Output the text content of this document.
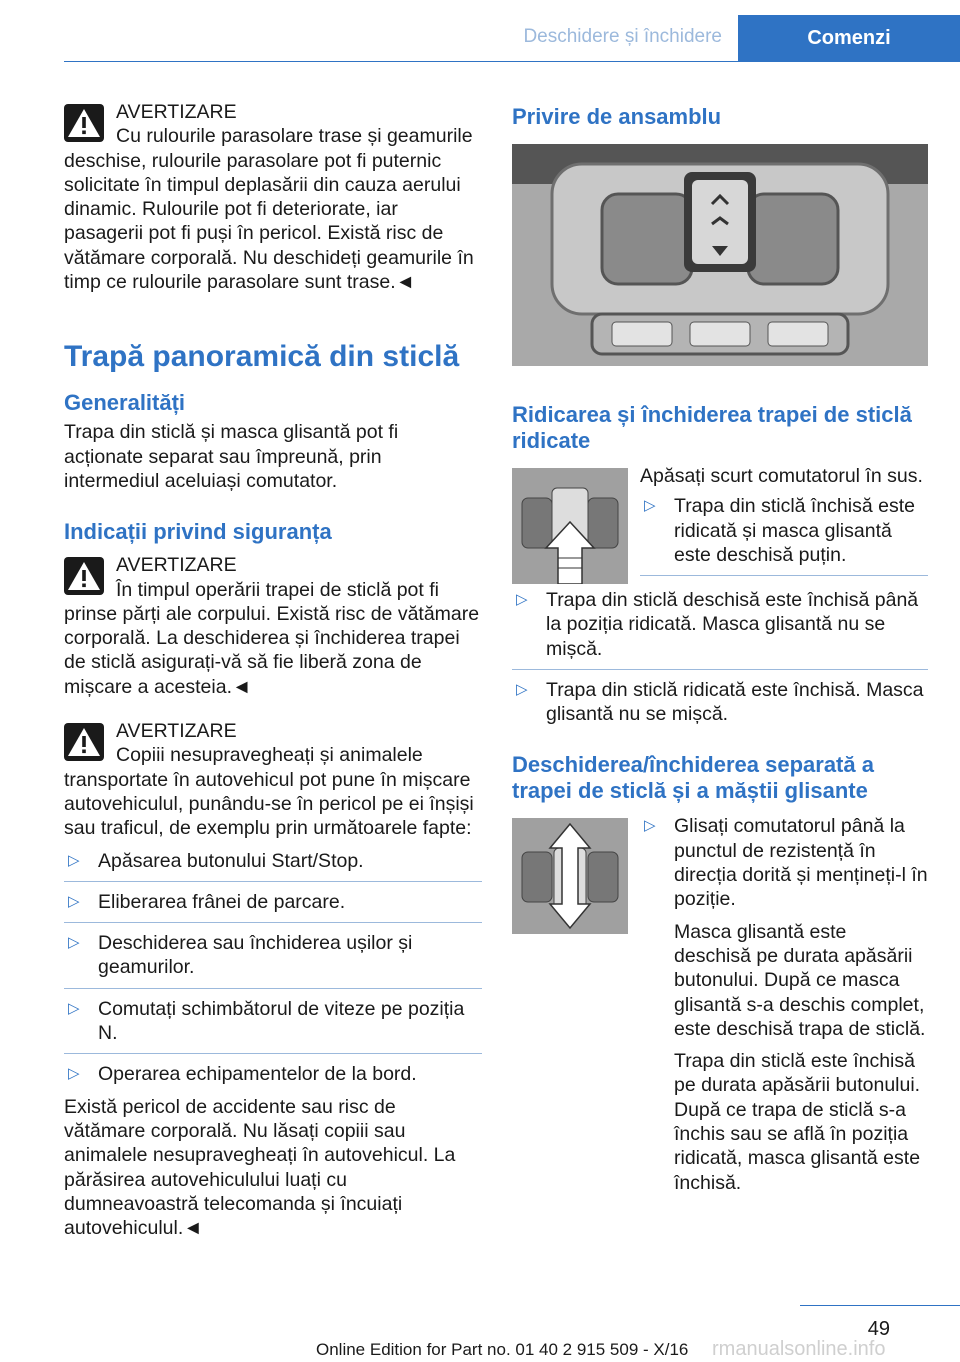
Deschidere și închidere	Comenzi

AVERTIZARE

Cu rulourile parasolare trase și geamurile deschise, rulourile parasolare pot fi puternic solicitate în timpul deplasării din cauza aerului dinamic. Rulourile pot fi deteriorate, iar pasagerii pot fi puși în pericol. Există risc de vătămare corporală. Nu deschideți geamurile în timp ce rulourile parasolare sunt trase.◄

Trapă panoramică din sticlă
Generalități

Trapa din sticlă și masca glisantă pot fi acționate separat sau împreună, prin intermediul aceluiași comutator.

Indicații privind siguranța

AVERTIZARE

În timpul operării trapei de sticlă pot fi prinse părți ale corpului. Există risc de vătămare corporală. La deschiderea și închiderea trapei de sticlă asigurați-vă să fie liberă zona de mișcare a acesteia.◄

AVERTIZARE

Copiii nesupravegheați și animalele transportate în autovehicul pot pune în mișcare autovehiculul, punându-se în pericol pe ei înșiși sau traficul, de exemplu prin următoarele fapte:

▷ Apăsarea butonului Start/Stop.
▷ Eliberarea frânei de parcare.
▷ Deschiderea sau închiderea ușilor și geamurilor.
▷ Comutați schimbătorul de viteze pe poziția N.
▷ Operarea echipamentelor de la bord.

Există pericol de accidente sau risc de vătămare corporală. Nu lăsați copiii sau animalele nesupravegheați în autovehicul. La părăsirea autovehiculului luați cu dumneavoastră telecomanda și încuiați autovehiculul.◄

Privire de ansamblu
Ridicarea și închiderea trapei de sticlă ridicate

Apăsați scurt comutatorul în sus.

▷ Trapa din sticlă închisă este ridicată și masca glisantă este deschisă puțin.
▷ Trapa din sticlă deschisă este închisă până la poziția ridicată. Masca glisantă nu se mișcă.
▷ Trapa din sticlă ridicată este închisă. Masca glisantă nu se mișcă.
Deschiderea/închiderea separată a trapei de sticlă și a măștii glisante
▷ Glisați comutatorul până la punctul de rezistență în direcția dorită și mențineți-l în poziție.

Masca glisantă este deschisă pe durata apăsării butonului. După ce masca glisantă s-a deschis complet, este deschisă trapa de sticlă.

Trapa din sticlă este închisă pe durata apăsării butonului. După ce trapa de sticlă s-a închis sau se află în poziția ridicată, masca glisantă este închisă.

49
Online Edition for Part no. 01 40 2 915 509 - X/16 rmanualsonline.info
